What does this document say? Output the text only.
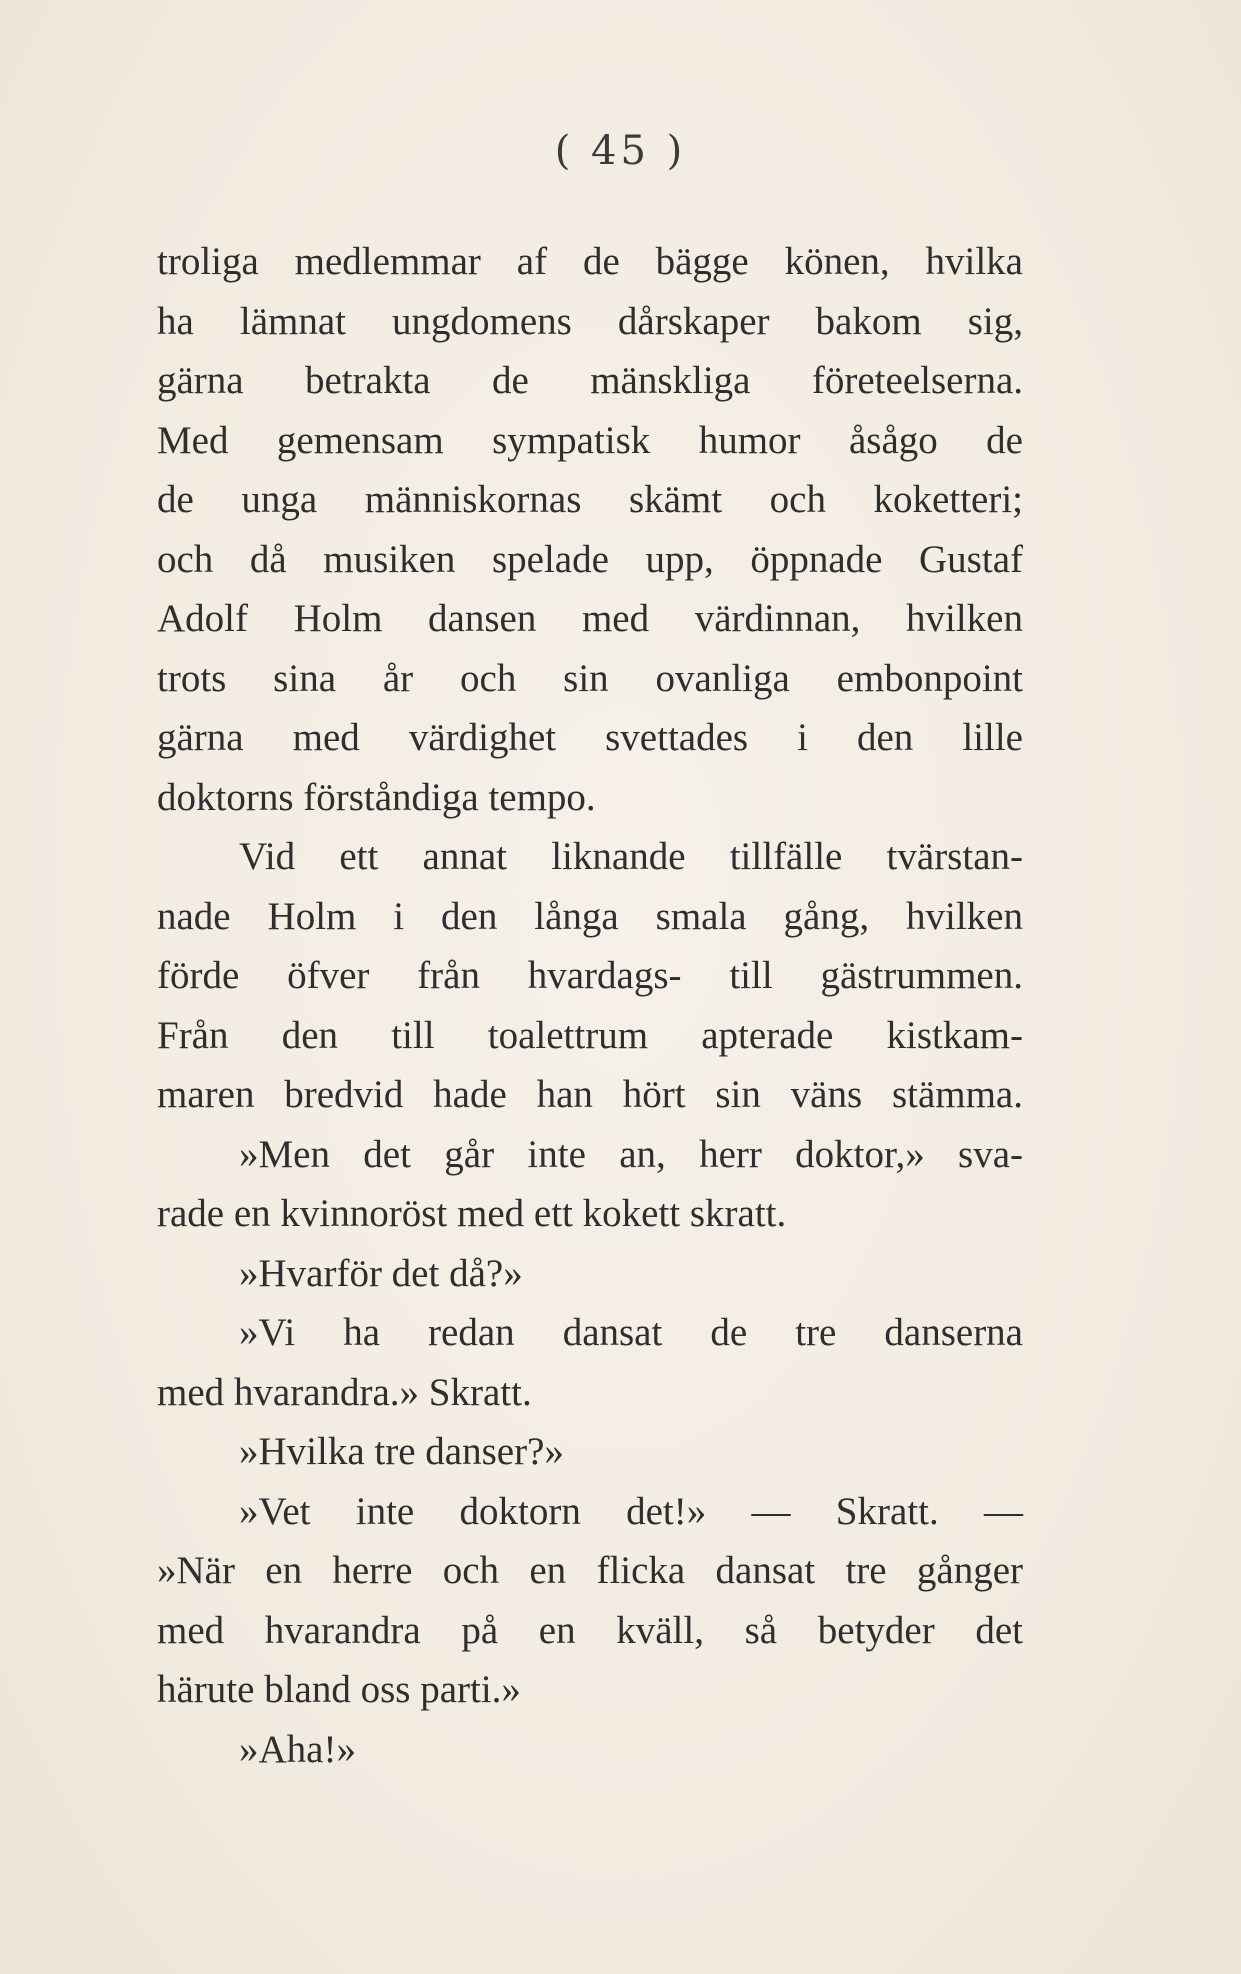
( 45 )
troliga medlemmar af de bägge könen, hvilka
ha lämnat ungdomens dårskaper bakom sig,
gärna betrakta de mänskliga företeelserna.
Med gemensam sympatisk humor åsågo de
de unga människornas skämt och koketteri;
och då musiken spelade upp, öppnade Gustaf
Adolf Holm dansen med värdinnan, hvilken
trots sina år och sin ovanliga embonpoint
gärna med värdighet svettades i den lille
doktorns förståndiga tempo.
Vid ett annat liknande tillfälle tvärstan-
nade Holm i den långa smala gång, hvilken
förde öfver från hvardags- till gästrummen.
Från den till toalettrum apterade kistkam-
maren bredvid hade han hört sin väns stämma.
»Men det går inte an, herr doktor,» sva-
rade en kvinnoröst med ett kokett skratt.
»Hvarför det då?»
»Vi ha redan dansat de tre danserna
med hvarandra.» Skratt.
»Hvilka tre danser?»
»Vet inte doktorn det!» — Skratt. —
»När en herre och en flicka dansat tre gånger
med hvarandra på en kväll, så betyder det
härute bland oss parti.»
»Aha!»
